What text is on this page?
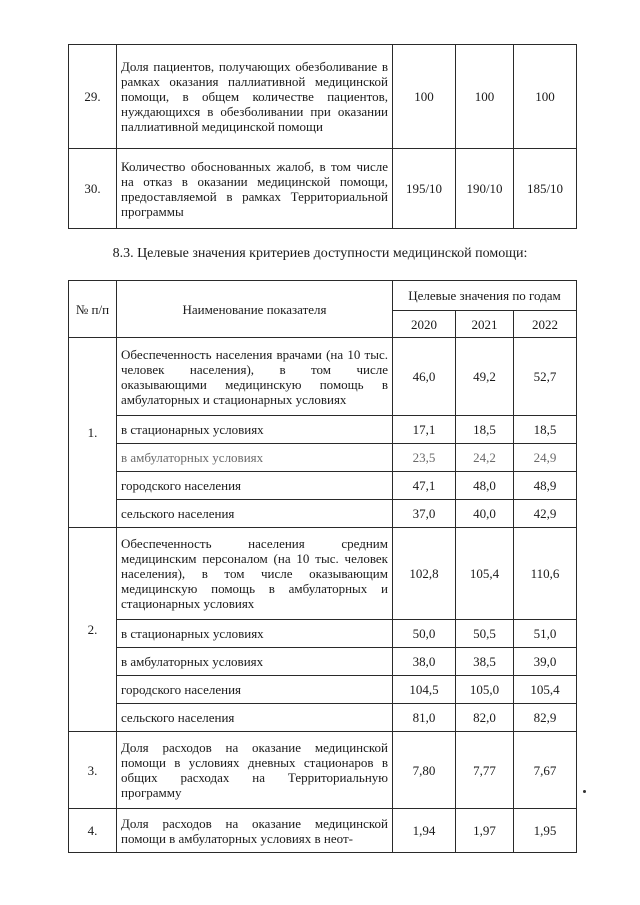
29.	Доля пациентов, получающих обезболивание в рамках оказания паллиативной медицинской помощи, в общем количестве пациентов, нуждающихся в обезболивании при оказании паллиативной медицинской помощи	100	100	100
30.	Количество обоснованных жалоб, в том числе на отказ в оказании медицинской помощи, предоставляемой в рамках Территориальной программы	195/10	190/10	185/10
8.3. Целевые значения критериев доступности медицинской помощи:
№ п/п	Наименование показателя	Целевые значения по годам		
		2020	2021	2022
1.	Обеспеченность населения врачами (на 10 тыс. человек населения), в том числе оказывающими медицинскую помощь в амбулаторных и стационарных условиях	46,0	49,2	52,7
	в стационарных условиях	17,1	18,5	18,5
	в амбулаторных условиях	23,5	24,2	24,9
	городского населения	47,1	48,0	48,9
	сельского населения	37,0	40,0	42,9
2.	Обеспеченность населения средним медицинским персоналом (на 10 тыс. человек населения), в том числе оказывающим медицинскую помощь в амбулаторных и стационарных условиях	102,8	105,4	110,6
	в стационарных условиях	50,0	50,5	51,0
	в амбулаторных условиях	38,0	38,5	39,0
	городского населения	104,5	105,0	105,4
	сельского населения	81,0	82,0	82,9
3.	Доля расходов на оказание медицинской помощи в условиях дневных стационаров в общих расходах на Территориальную программу	7,80	7,77	7,67
4.	Доля расходов на оказание медицинской помощи в амбулаторных условиях в неот-	1,94	1,97	1,95
